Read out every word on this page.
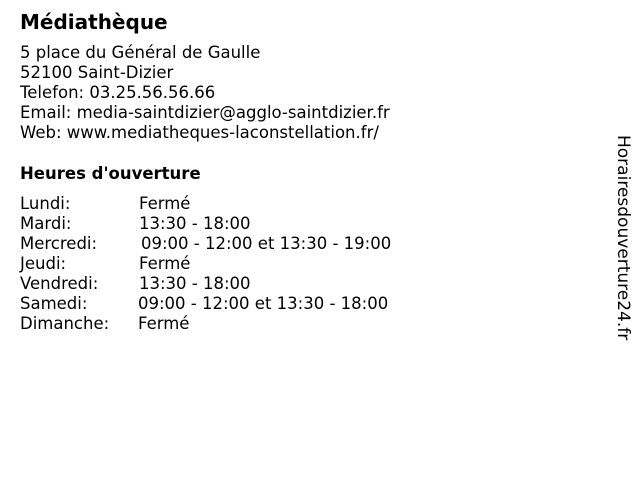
Médiathèque
5 place du Général de Gaulle
52100 Saint-Dizier
Telefon: 03.25.56.56.66
Email: media-saintdizier@agglo-saintdizier.fr
Web: www.mediatheques-laconstellation.fr/
Heures d'ouverture
Lundi:	Fermé
Mardi:	13:30 - 18:00
Mercredi:	09:00 - 12:00 et 13:30 - 19:00
Jeudi:	Fermé
Vendredi:	13:30 - 18:00
Samedi:	09:00 - 12:00 et 13:30 - 18:00
Dimanche:	Fermé	Horairesdouverture24.fr
